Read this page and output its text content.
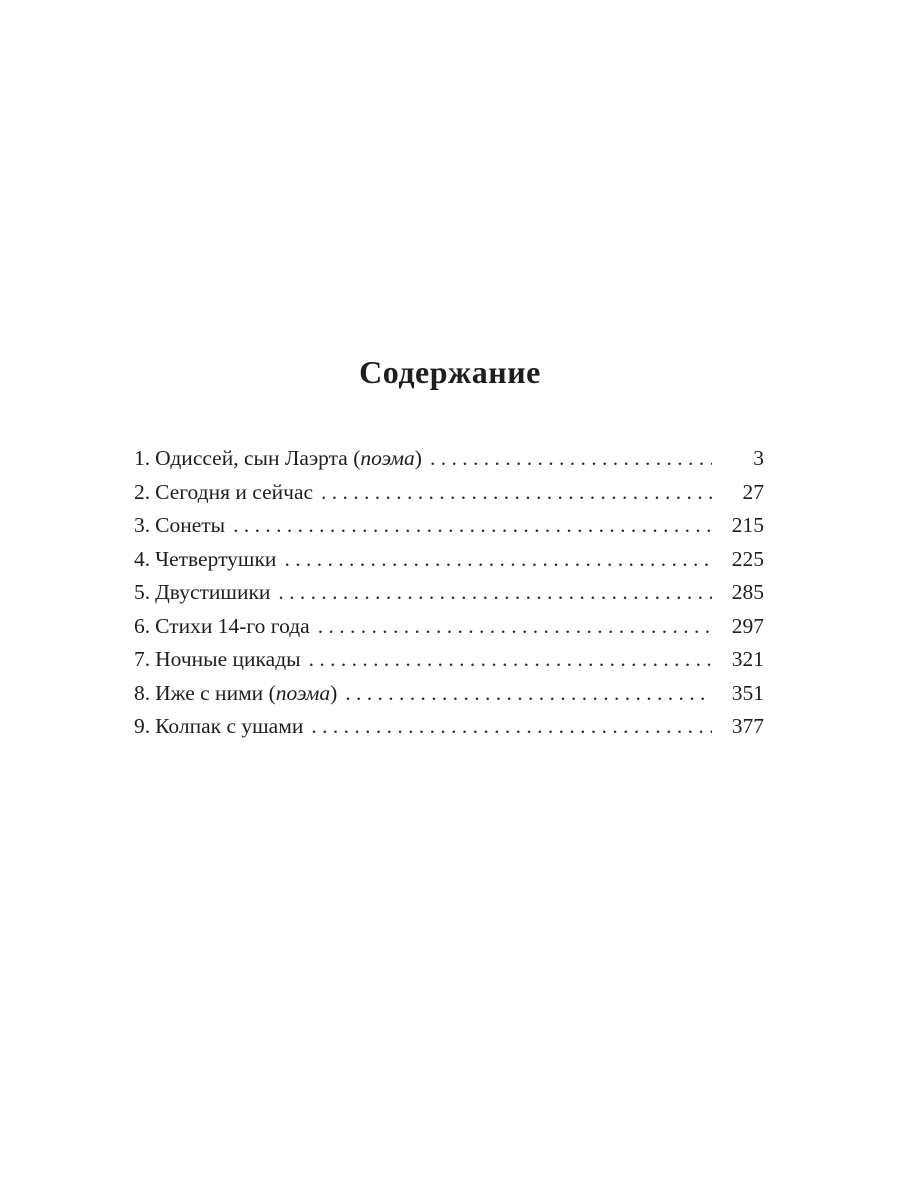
Содержание
1. Одиссей, сын Лаэрта (поэма) . . .	3
2. Сегодня и сейчас . . .	27
3. Сонеты . . .	215
4. Четвертушки . . .	225
5. Двустишики . . .	285
6. Стихи 14-го года . . .	297
7. Ночные цикады . . .	321
8. Иже с ними (поэма) . . .	351
9. Колпак с ушами . . .	377
